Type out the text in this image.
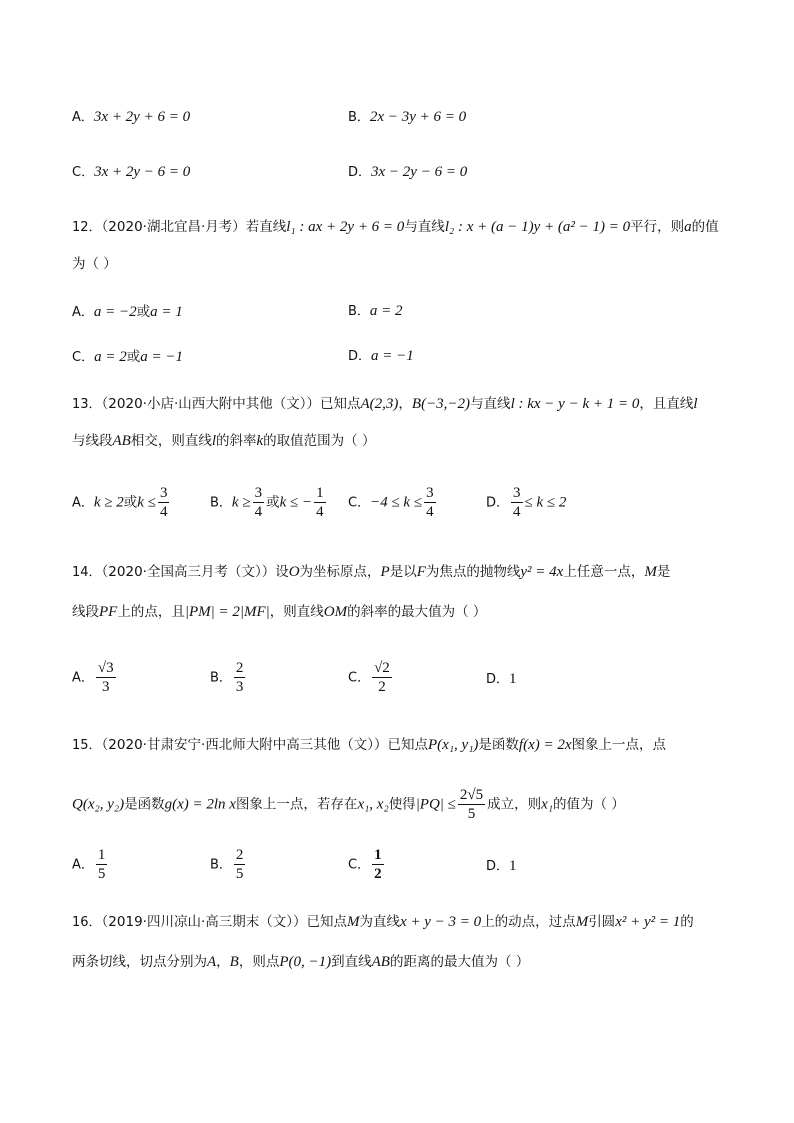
A．3x + 2y + 6 = 0	B．2x − 3y + 6 = 0
C．3x + 2y − 6 = 0	D．3x − 2y − 6 = 0
12．（2020·湖北宜昌·月考）若直线l₁ : ax + 2y + 6 = 0与直线l₂ : x + (a − 1)y + (a² − 1) = 0平行，则a的值
为（ ）
A．a = −2或a = 1	B．a = 2
C．a = 2或a = −1	D．a = −1
13．（2020·小店·山西大附中其他（文））已知点A(2,3)，B(−3,−2)与直线l : kx − y − k + 1 = 0，且直线l
与线段AB相交，则直线l的斜率k的取值范围为（ ）
A．k ≥ 2或$k \le \frac{3}{4}$	B．$k \ge \frac{3}{4}$ 或k ≤ − $\frac{1}{4}$ C．$-4 \le k \le \frac{3}{4}$	D． $\frac{3}{4} \le k \le 2$
14．（2020·全国高三月考（文））设O为坐标原点，P是以F为焦点的抛物线y² = 4x上任意一点，M是
线段PF上的点，且|PM| = 2|MF|，则直线OM的斜率的最大值为（ ）
A． $\frac{√3}{3}$	B． $\frac{2}{3}$	C． $\frac{√2}{2}$	D．1
15．（2020·甘肃安宁·西北师大附中高三其他（文））已知点P(x₁, y₁)是函数f(x) = 2x图象上一点，点
Q(x₂, y₂)是函数g(x) = 2ln x图象上一点，若存在x₁, x₂使得$|PQ| \le \frac{2√5}{5}$ 成立，则x₁的值为（ ）
A． $\frac{1}{5}$	B． $\frac{2}{5}$	C． $\frac{1}{2}$	D．1
16．（2019·四川凉山·高三期末（文））已知点M为直线x + y − 3 = 0上的动点，过点M引圆x² + y² = 1的
两条切线，切点分别为A，B，则点P(0, −1)到直线AB的距离的最大值为（ ）
